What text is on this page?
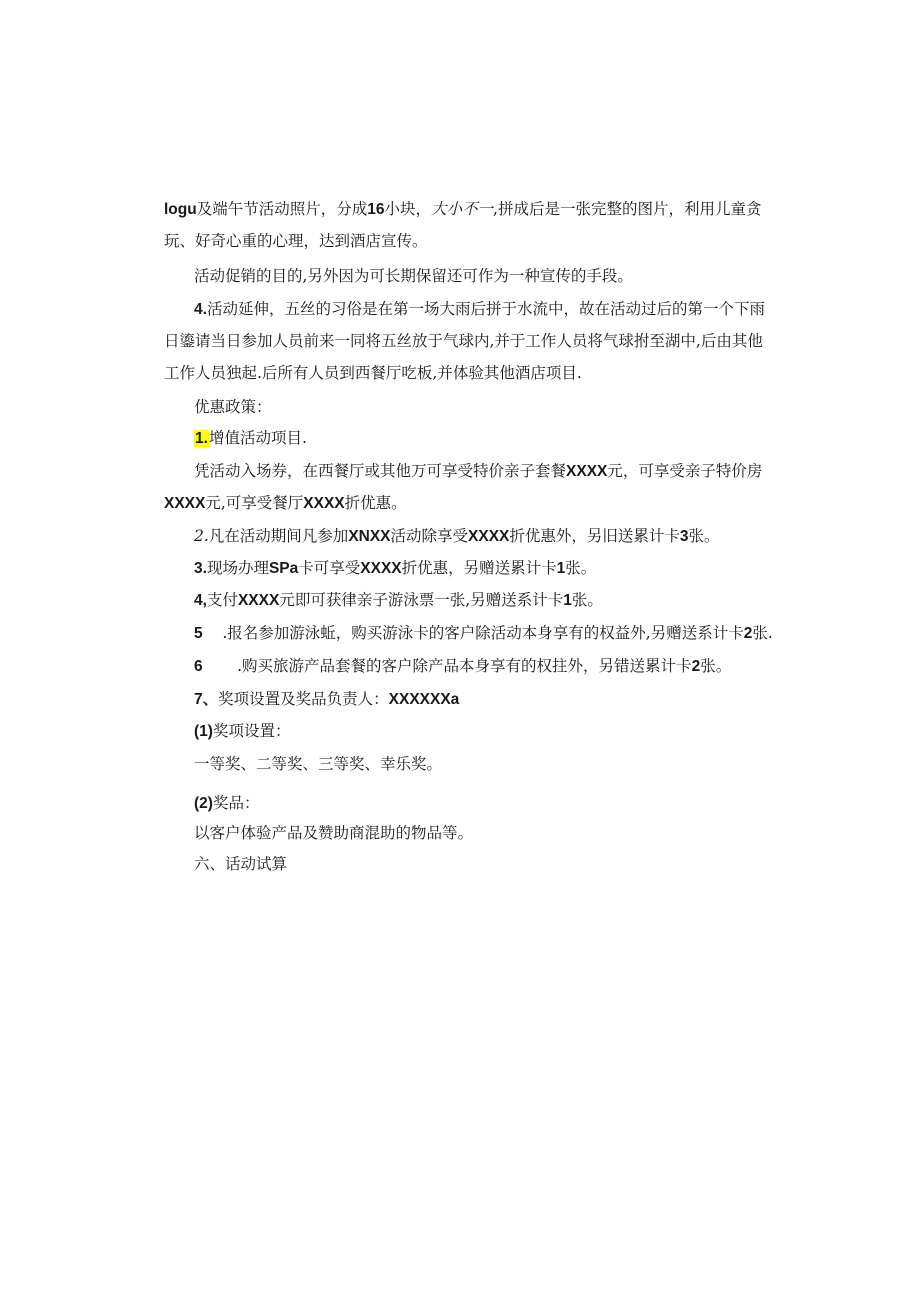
logu及端午节活动照片，分成16小块，大小不一,拼成后是一张完整的图片，利用儿童贪
玩、好奇心重的心理，达到酒店宣传。
活动促销的目的,另外因为可长期保留还可作为一种宣传的手段。
4.活动延伸，五丝的习俗是在第一场大雨后拼于水流中，故在活动过后的第一个下雨
日鎏请当日参加人员前来一同将五丝放于气球内,并于工作人员将气球拊至湖中,后由其他
工作人员独起.后所有人员到西餐厅吃板,并体验其他酒店项目.
优惠政策：
1.增值活动项目.
凭活动入场券，在西餐厅或其他万可享受特价亲子套餐XXXX元，可享受亲子特价房
XXXX元,可享受餐厅XXXX折优惠。
2.凡在活动期间凡参加XNXX活动除享受XXXX折优惠外，另旧送累计卡3张。
3.现场办理SPa卡可享受XXXX折优惠，另赠送累计卡1张。
4,支付XXXX元即可获律亲子游泳票一张,另赠送系计卡1张。
5    .报名参加游泳蚯，购买游泳卡的客户除活动本身享有的权益外,另赠送系计卡2张.
6       .购买旅游产品套餐的客户除产品本身享有的权拄外，另错送累计卡2张。
7、奖项设置及奖品负责人：XXXXXXa
(1)奖项设置：
一等奖、二等奖、三等奖、幸乐奖。
(2)奖品：
以客户体验产品及赞助商混助的物品等。
六、话动试算
